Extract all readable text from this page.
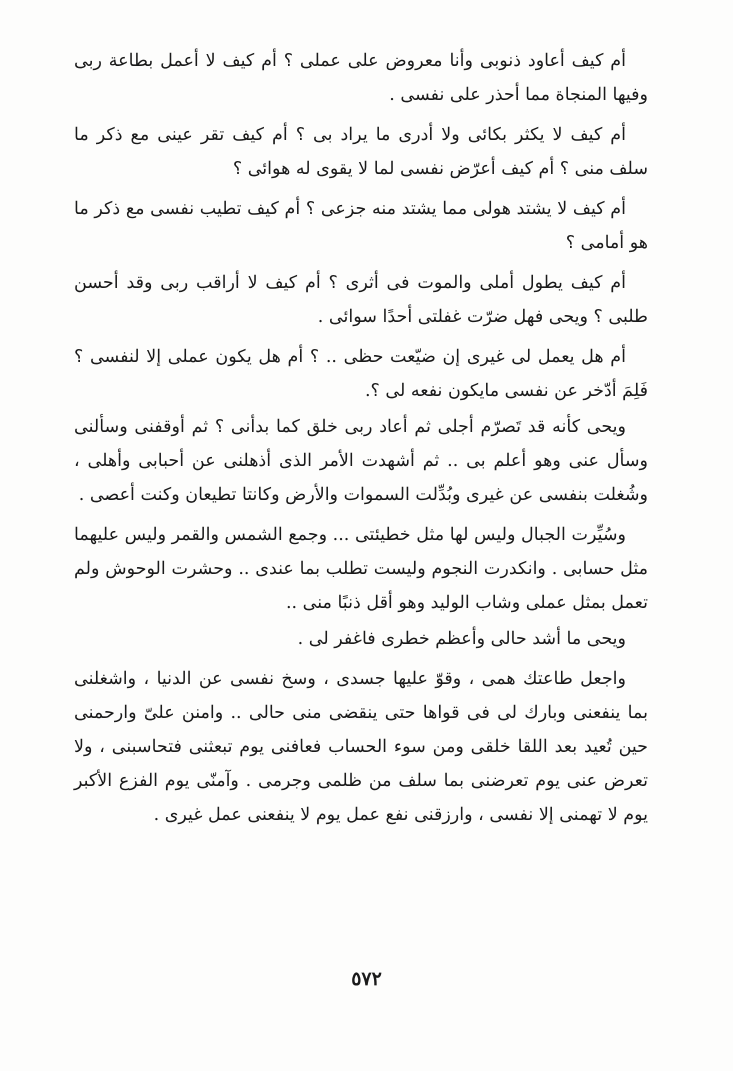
أم كيف أعاود ذنوبى وأنا معروض على عملى ؟ أم كيف لا أعمل بطاعة ربى وفيها المنجاة مما أحذر على نفسى .

أم كيف لا يكثر بكائى ولا أدرى ما يراد بى ؟ أم كيف تقر عينى مع ذكر ما سلف منى ؟ أم كيف أعرّض نفسى لما لا يقوى له هوائى ؟

أم كيف لا يشتد هولى مما يشتد منه جزعى ؟ أم كيف تطيب نفسى مع ذكر ما هو أمامى ؟

أم كيف يطول أملى والموت فى أثرى ؟ أم كيف لا أراقب ربى وقد أحسن طلبى ؟ ويحى فهل ضرّت غفلتى أحدًا سوائى .

أم هل يعمل لى غيرى إن ضيّعت حظى .. ؟ أم هل يكون عملى إلا لنفسى ؟ فَلِمَ أدّخر عن نفسى مايكون نفعه لى ؟.

ويحى كأنه قد تَصرّم أجلى ثم أعاد ربى خلق كما بدأنى ؟ ثم أوقفنى وسألنى وسأل عنى وهو أعلم بى .. ثم أشهدت الأمر الذى أذهلنى عن أحبابى وأهلى ، وشُغلت بنفسى عن غيرى وبُدِّلت السموات والأرض وكانتا تطيعان وكنت أعصى .

وسُيِّرت الجبال وليس لها مثل خطيئتى ... وجمع الشمس والقمر وليس عليهما مثل حسابى . وانكدرت النجوم وليست تطلب بما عندى .. وحشرت الوحوش ولم تعمل بمثل عملى وشاب الوليد وهو أقل ذنبًا منى ..

ويحى ما أشد حالى وأعظم خطرى فاغفر لى .

واجعل طاعتك همى ، وقوّ عليها جسدى ، وسخ نفسى عن الدنيا ، واشغلنى بما ينفعنى وبارك لى فى قواها حتى ينقضى منى حالى .. وامنن علىّ وارحمنى حين تُعيد بعد اللقا خلقى ومن سوء الحساب فعافنى يوم تبعثنى فتحاسبنى ، ولا تعرض عنى يوم تعرضنى بما سلف من ظلمى وجرمى . وآمنّى يوم الفزع الأكبر يوم لا تهمنى إلا نفسى ، وارزقنى نفع عمل يوم لا ينفعنى عمل غيرى .

٥٧٢
